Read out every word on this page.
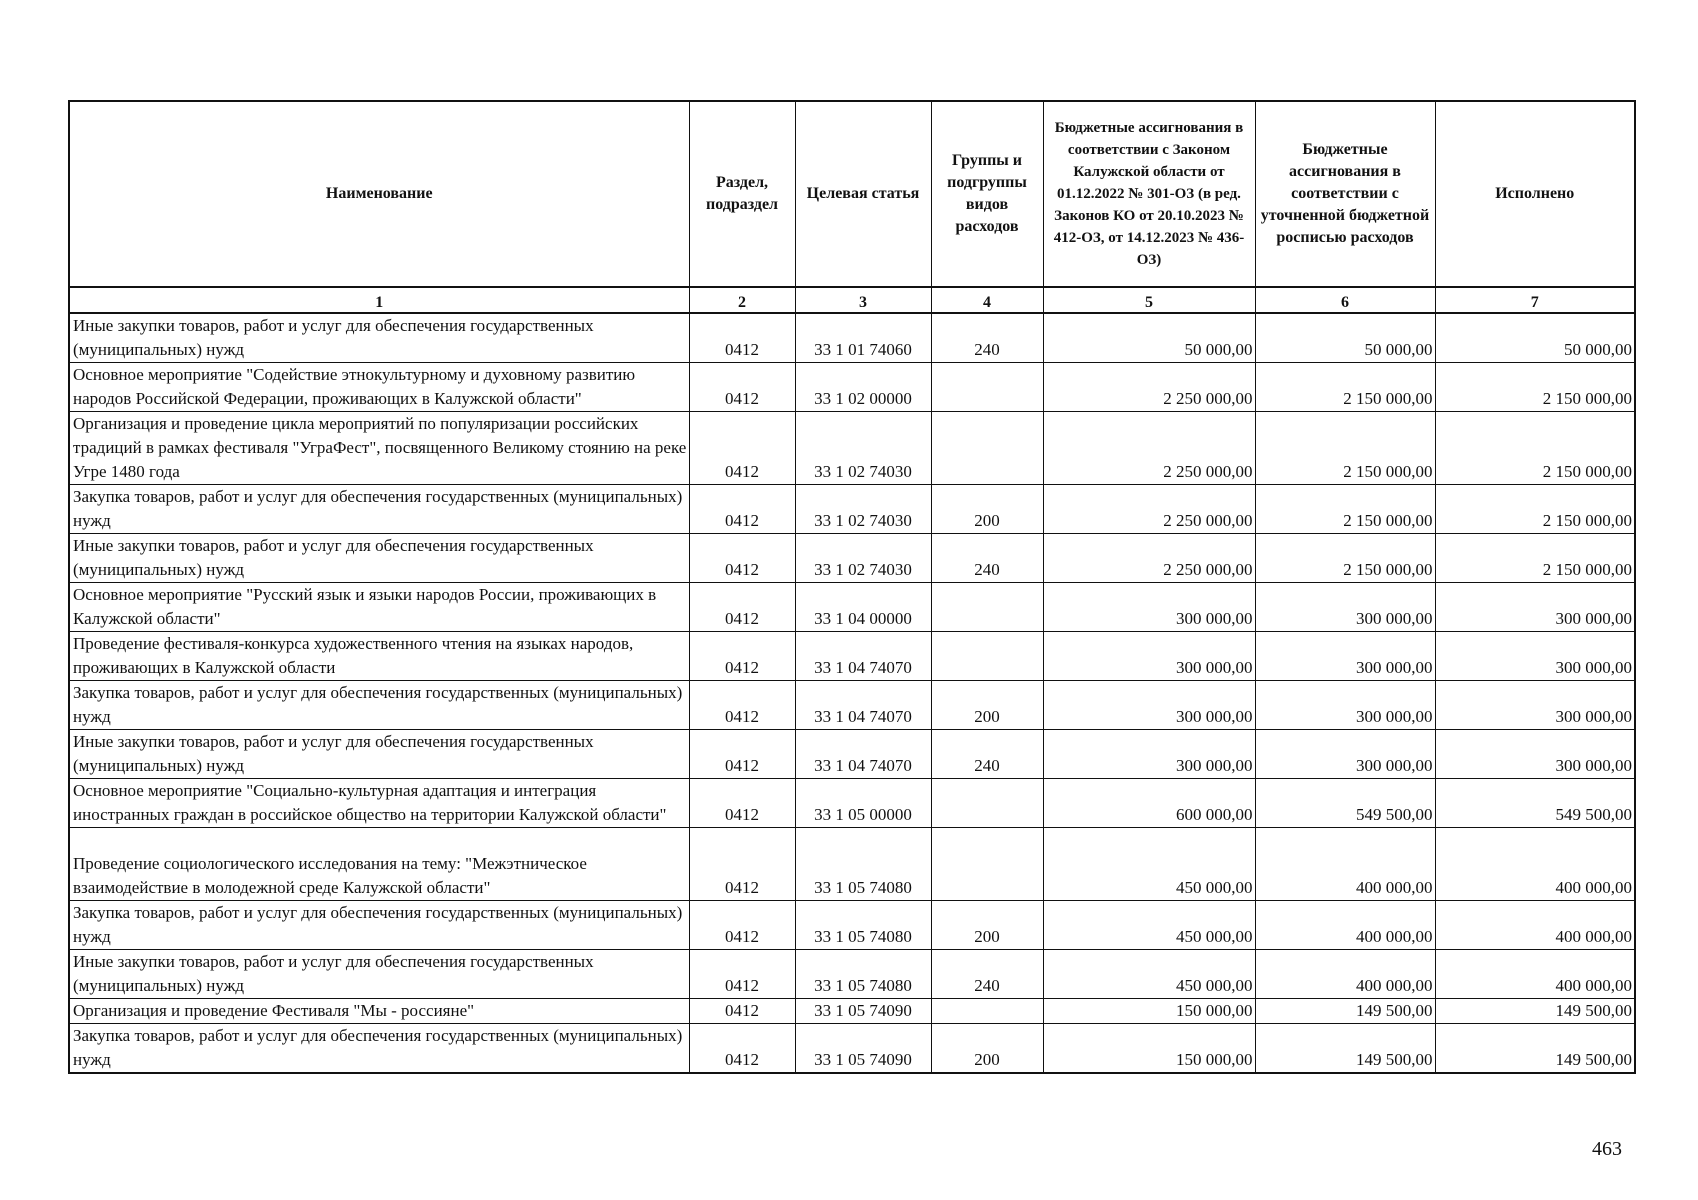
Наименование	Раздел, подраздел	Целевая статья	Группы и подгруппы видов расходов	Бюджетные ассигнования в соответствии с Законом Калужской области от 01.12.2022 № 301-ОЗ (в ред. Законов КО от 20.10.2023 № 412-ОЗ, от 14.12.2023 № 436-ОЗ)	Бюджетные ассигнования в соответствии с уточненной бюджетной росписью расходов	Исполнено
1	2	3	4	5	6	7
Иные закупки товаров, работ и услуг для обеспечения государственных (муниципальных) нужд	0412	33 1 01 74060	240	50 000,00	50 000,00	50 000,00
Основное мероприятие "Содействие этнокультурному и духовному развитию народов Российской Федерации, проживающих в Калужской области"	0412	33 1 02 00000		2 250 000,00	2 150 000,00	2 150 000,00
Организация и проведение цикла мероприятий по популяризации российских традиций в рамках фестиваля "УграФест", посвященного Великому стоянию на реке Угре 1480 года	0412	33 1 02 74030		2 250 000,00	2 150 000,00	2 150 000,00
Закупка товаров, работ и услуг для обеспечения государственных (муниципальных) нужд	0412	33 1 02 74030	200	2 250 000,00	2 150 000,00	2 150 000,00
Иные закупки товаров, работ и услуг для обеспечения государственных (муниципальных) нужд	0412	33 1 02 74030	240	2 250 000,00	2 150 000,00	2 150 000,00
Основное мероприятие "Русский язык и языки народов России, проживающих в Калужской области"	0412	33 1 04 00000		300 000,00	300 000,00	300 000,00
Проведение фестиваля-конкурса художественного чтения на языках народов, проживающих в Калужской области	0412	33 1 04 74070		300 000,00	300 000,00	300 000,00
Закупка товаров, работ и услуг для обеспечения государственных (муниципальных) нужд	0412	33 1 04 74070	200	300 000,00	300 000,00	300 000,00
Иные закупки товаров, работ и услуг для обеспечения государственных (муниципальных) нужд	0412	33 1 04 74070	240	300 000,00	300 000,00	300 000,00
Основное мероприятие "Социально-культурная адаптация и интеграция иностранных граждан в российское общество на территории Калужской области"	0412	33 1 05 00000		600 000,00	549 500,00	549 500,00
Проведение социологического исследования на тему: "Межэтническое взаимодействие в молодежной среде Калужской области"	0412	33 1 05 74080		450 000,00	400 000,00	400 000,00
Закупка товаров, работ и услуг для обеспечения государственных (муниципальных) нужд	0412	33 1 05 74080	200	450 000,00	400 000,00	400 000,00
Иные закупки товаров, работ и услуг для обеспечения государственных (муниципальных) нужд	0412	33 1 05 74080	240	450 000,00	400 000,00	400 000,00
Организация и проведение Фестиваля "Мы - россияне"	0412	33 1 05 74090		150 000,00	149 500,00	149 500,00
Закупка товаров, работ и услуг для обеспечения государственных (муниципальных) нужд	0412	33 1 05 74090	200	150 000,00	149 500,00	149 500,00
463
